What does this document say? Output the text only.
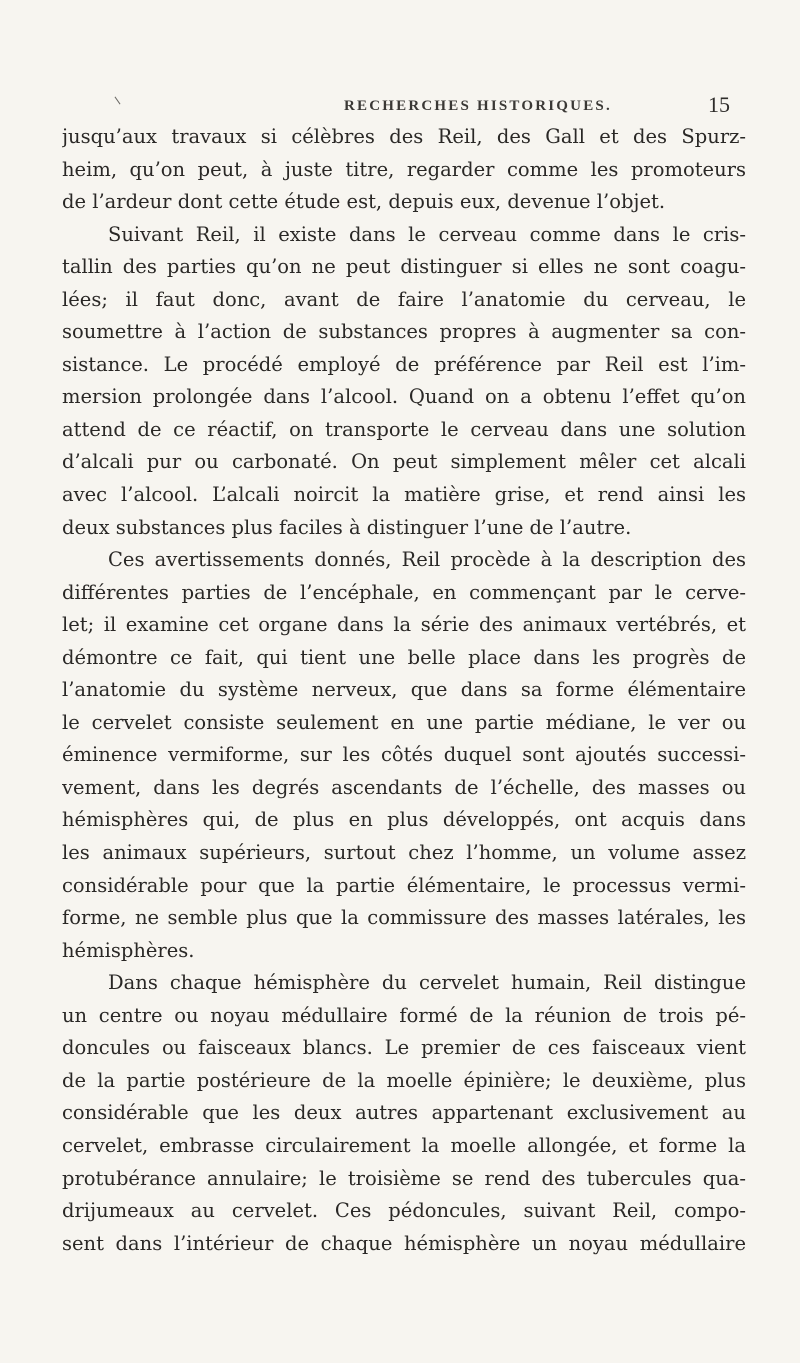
RECHERCHES HISTORIQUES.	15
jusqu’aux travaux si célèbres des Reil, des Gall et des Spurz-
heim, qu’on peut, à juste titre, regarder comme les promoteurs
de l’ardeur dont cette étude est, depuis eux, devenue l’objet.
Suivant Reil, il existe dans le cerveau comme dans le cris-
tallin des parties qu’on ne peut distinguer si elles ne sont coagu-
lées; il faut donc, avant de faire l’anatomie du cerveau, le
soumettre à l’action de substances propres à augmenter sa con-
sistance. Le procédé employé de préférence par Reil est l’im-
mersion prolongée dans l’alcool. Quand on a obtenu l’effet qu’on
attend de ce réactif, on transporte le cerveau dans une solution
d’alcali pur ou carbonaté. On peut simplement mêler cet alcali
avec l’alcool. L’alcali noircit la matière grise, et rend ainsi les
deux substances plus faciles à distinguer l’une de l’autre.
Ces avertissements donnés, Reil procède à la description des
différentes parties de l’encéphale, en commençant par le cerve-
let; il examine cet organe dans la série des animaux vertébrés, et
démontre ce fait, qui tient une belle place dans les progrès de
l’anatomie du système nerveux, que dans sa forme élémentaire
le cervelet consiste seulement en une partie médiane, le ver ou
éminence vermiforme, sur les côtés duquel sont ajoutés successi-
vement, dans les degrés ascendants de l’échelle, des masses ou
hémisphères qui, de plus en plus développés, ont acquis dans
les animaux supérieurs, surtout chez l’homme, un volume assez
considérable pour que la partie élémentaire, le processus vermi-
forme, ne semble plus que la commissure des masses latérales, les
hémisphères.
Dans chaque hémisphère du cervelet humain, Reil distingue
un centre ou noyau médullaire formé de la réunion de trois pé-
doncules ou faisceaux blancs. Le premier de ces faisceaux vient
de la partie postérieure de la moelle épinière; le deuxième, plus
considérable que les deux autres appartenant exclusivement au
cervelet, embrasse circulairement la moelle allongée, et forme la
protubérance annulaire; le troisième se rend des tubercules qua-
drijumeaux au cervelet. Ces pédoncules, suivant Reil, compo-
sent dans l’intérieur de chaque hémisphère un noyau médullaire
